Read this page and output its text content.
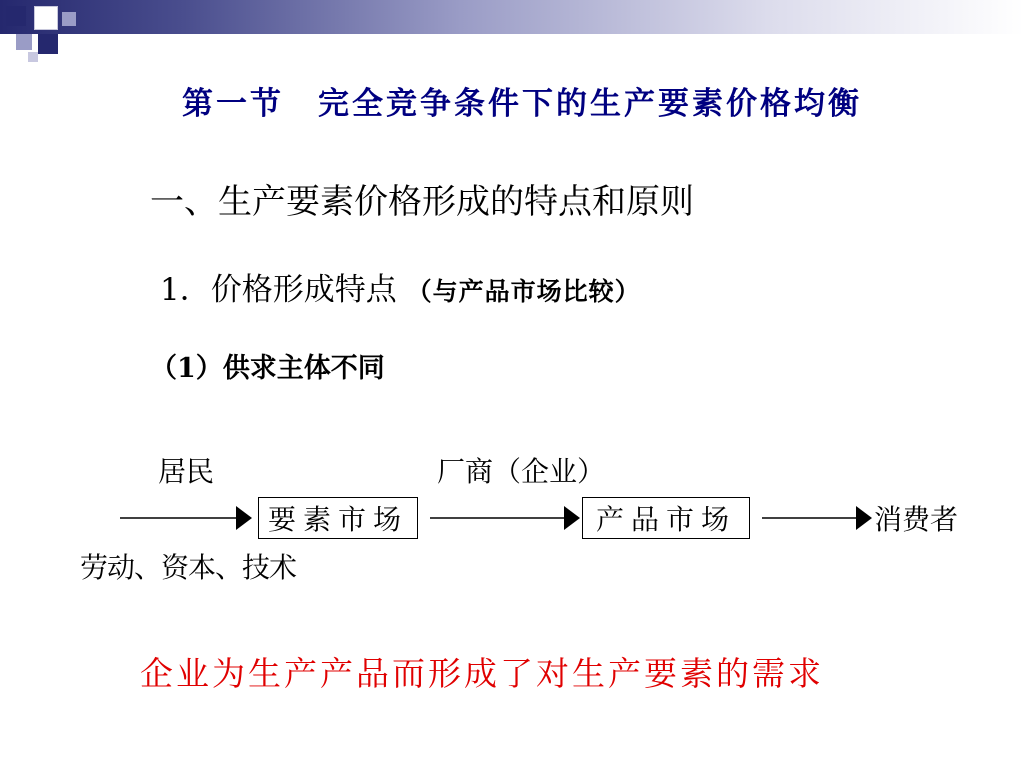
第一节　完全竞争条件下的生产要素价格均衡
一、生产要素价格形成的特点和原则
1．价格形成特点 （与产品市场比较）
（1）供求主体不同
居民	厂商（企业）
劳动、资本、技术
要素市场	产品市场	消费者
企业为生产产品而形成了对生产要素的需求
